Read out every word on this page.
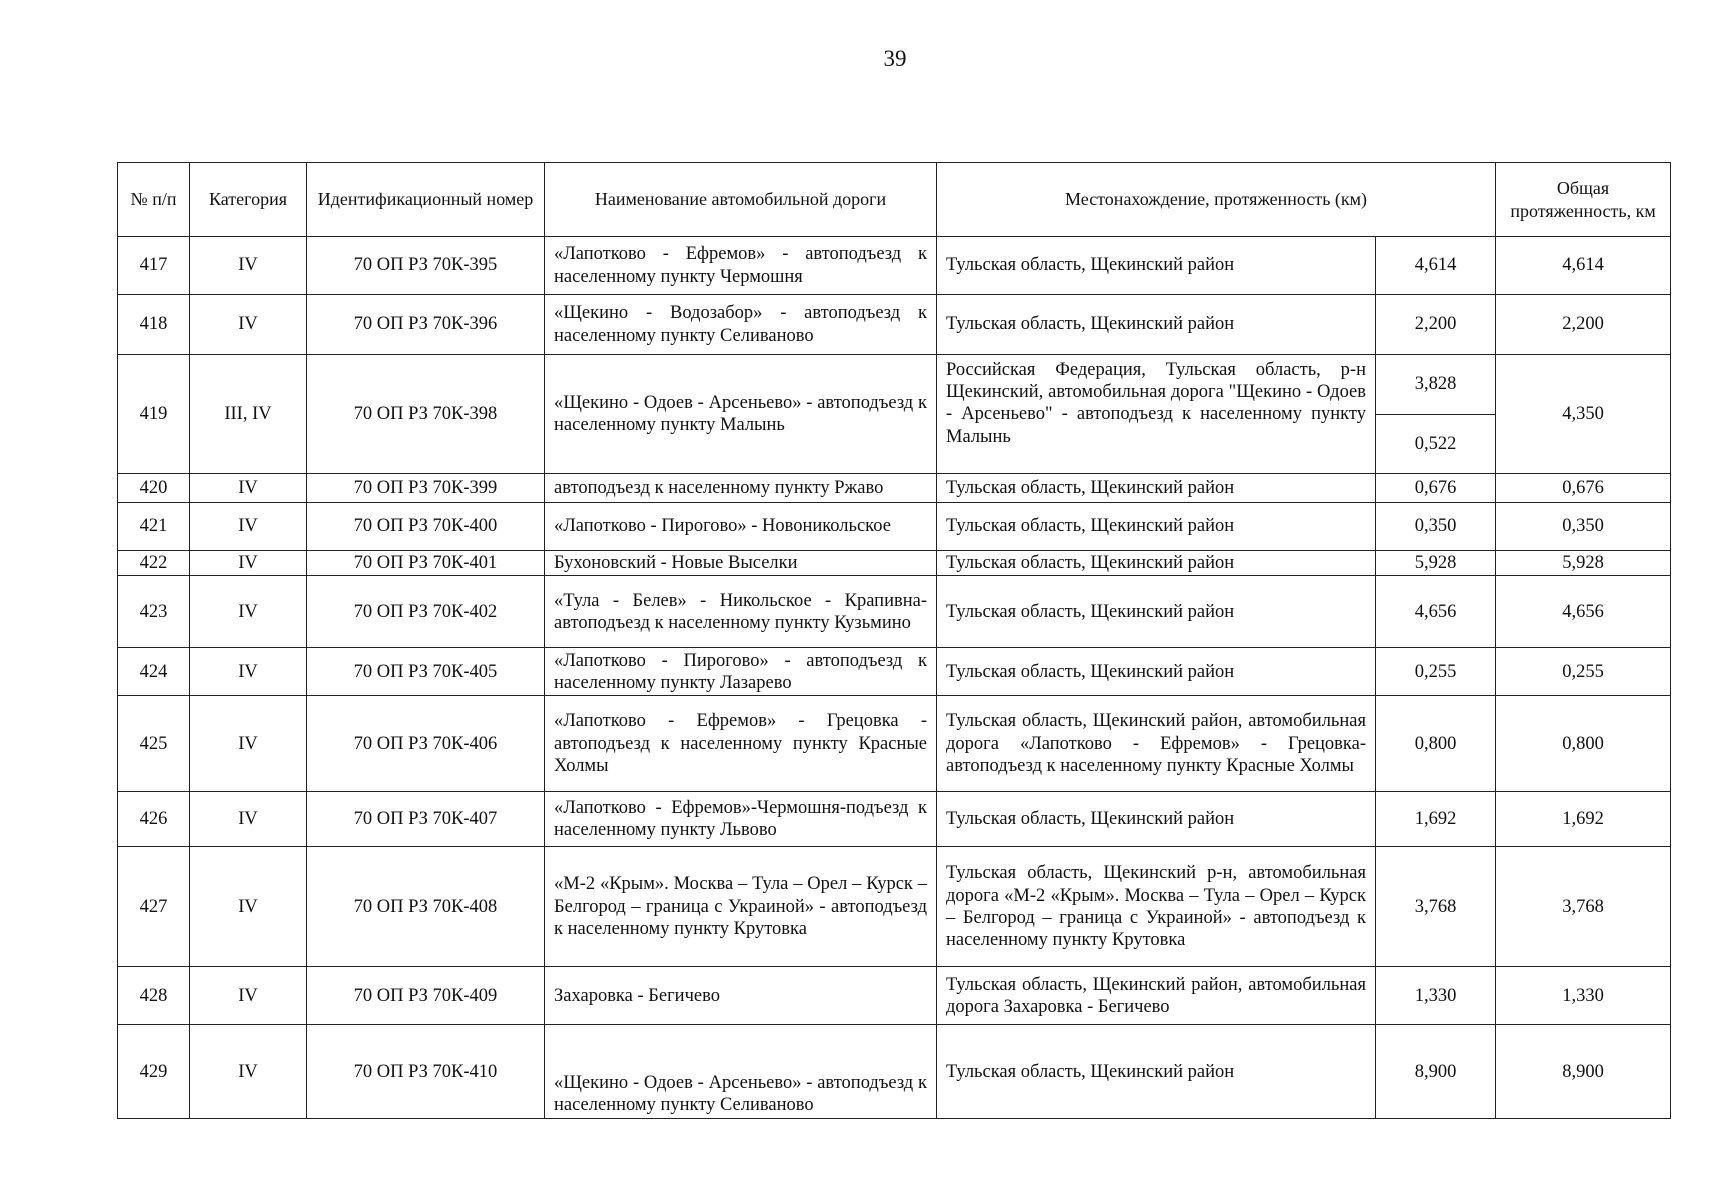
39
№ п/п	Категория	Идентификационный номер	Наименование автомобильной дороги	Местонахождение, протяженность (км)		Общая протяженность, км
417	IV	70 ОП РЗ 70К-395	«Лапотково - Ефремов» - автоподъезд к населенному пункту Чермошня	Тульская область, Щекинский район	4,614	4,614
418	IV	70 ОП РЗ 70К-396	«Щекино - Водозабор» - автоподъезд к населенному пункту Селиваново	Тульская область, Щекинский район	2,200	2,200
419	III, IV	70 ОП РЗ 70К-398	«Щекино - Одоев - Арсеньево» - автоподъезд к населенному пункту Малынь	Российская Федерация, Тульская область, р-н Щекинский, автомобильная дорога "Щекино - Одоев - Арсеньево" - автоподъезд к населенному пункту Малынь	3,828	4,350
					0,522	
420	IV	70 ОП РЗ 70К-399	автоподъезд к населенному пункту Ржаво	Тульская область, Щекинский район	0,676	0,676
421	IV	70 ОП РЗ 70К-400	«Лапотково - Пирогово» - Новоникольское	Тульская область, Щекинский район	0,350	0,350
422	IV	70 ОП РЗ 70К-401	Бухоновский - Новые Выселки	Тульская область, Щекинский район	5,928	5,928
423	IV	70 ОП РЗ 70К-402	«Тула - Белев» - Никольское - Крапивна-автоподъезд к населенному пункту Кузьмино	Тульская область, Щекинский район	4,656	4,656
424	IV	70 ОП РЗ 70К-405	«Лапотково - Пирогово» - автоподъезд к населенному пункту Лазарево	Тульская область, Щекинский район	0,255	0,255
425	IV	70 ОП РЗ 70К-406	«Лапотково - Ефремов» - Грецовка - автоподъезд к населенному пункту Красные Холмы	Тульская область, Щекинский район, автомобильная дорога «Лапотково - Ефремов» - Грецовка-автоподъезд к населенному пункту Красные Холмы	0,800	0,800
426	IV	70 ОП РЗ 70К-407	«Лапотково - Ефремов»-Чермошня-подъезд к населенному пункту Львово	Тульская область, Щекинский район	1,692	1,692
427	IV	70 ОП РЗ 70К-408	«М-2 «Крым». Москва – Тула – Орел – Курск – Белгород – граница с Украиной» - автоподъезд к населенному пункту Крутовка	Тульская область, Щекинский р-н, автомобильная дорога «М-2 «Крым». Москва – Тула – Орел – Курск – Белгород – граница с Украиной» - автоподъезд к населенному пункту Крутовка	3,768	3,768
428	IV	70 ОП РЗ 70К-409	Захаровка - Бегичево	Тульская область, Щекинский район, автомобильная дорога Захаровка - Бегичево	1,330	1,330
429	IV	70 ОП РЗ 70К-410	«Щекино - Одоев - Арсеньево» - автоподъезд к населенному пункту Селиваново	Тульская область, Щекинский район	8,900	8,900
